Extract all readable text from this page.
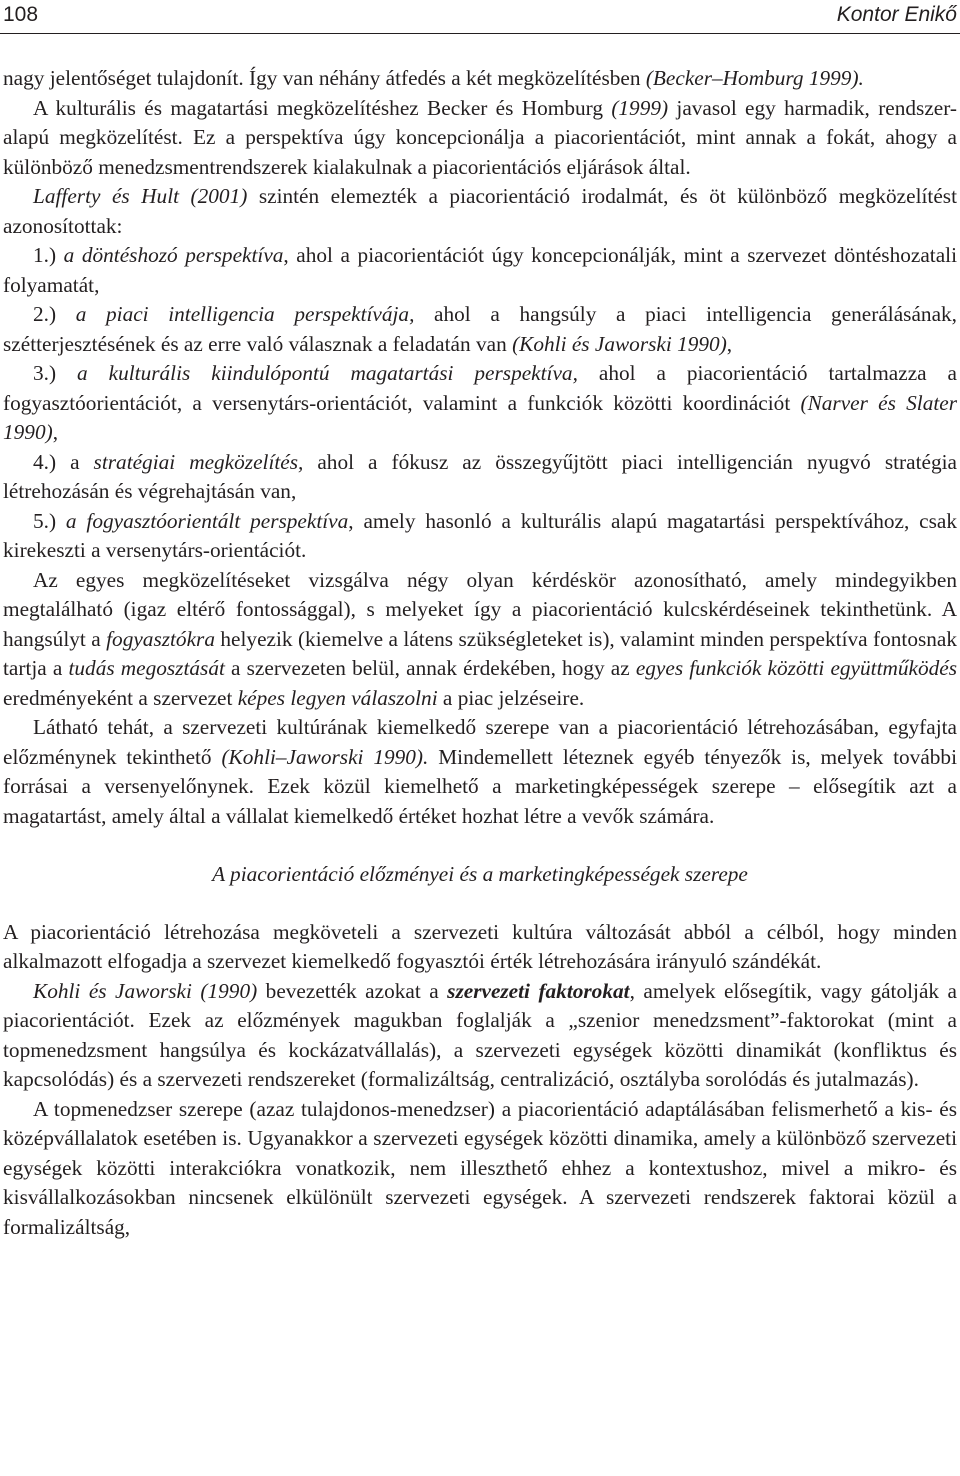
108	Kontor Enikő

nagy jelentőséget tulajdonít. Így van néhány átfedés a két megközelítésben (Becker–Homburg 1999).

A kulturális és magatartási megközelítéshez Becker és Homburg (1999) javasol egy harmadik, rendszer-alapú megközelítést. Ez a perspektíva úgy koncepcionálja a piacorientációt, mint annak a fokát, ahogy a különböző menedzsmentrendszerek kialakulnak a piacorientációs eljárások által.

Lafferty és Hult (2001) szintén elemezték a piacorientáció irodalmát, és öt különböző megközelítést azonosítottak:

1.) a döntéshozó perspektíva, ahol a piacorientációt úgy koncepcionálják, mint a szervezet döntéshozatali folyamatát,

2.) a piaci intelligencia perspektívája, ahol a hangsúly a piaci intelligencia generálásának, szétterjesztésének és az erre való válasznak a feladatán van (Kohli és Jaworski 1990),

3.) a kulturális kiindulópontú magatartási perspektíva, ahol a piacorientáció tartalmazza a fogyasztóorientációt, a versenytárs-orientációt, valamint a funkciók közötti koordinációt (Narver és Slater 1990),

4.) a stratégiai megközelítés, ahol a fókusz az összegyűjtött piaci intelligencián nyugvó stratégia létrehozásán és végrehajtásán van,

5.) a fogyasztóorientált perspektíva, amely hasonló a kulturális alapú magatartási perspektívához, csak kirekeszti a versenytárs-orientációt.

Az egyes megközelítéseket vizsgálva négy olyan kérdéskör azonosítható, amely mindegyikben megtalálható (igaz eltérő fontossággal), s melyeket így a piacorientáció kulcskérdéseinek tekinthetünk. A hangsúlyt a fogyasztókra helyezik (kiemelve a látens szükségleteket is), valamint minden perspektíva fontosnak tartja a tudás megosztását a szervezeten belül, annak érdekében, hogy az egyes funkciók közötti együttműködés eredményeként a szervezet képes legyen válaszolni a piac jelzéseire.

Látható tehát, a szervezeti kultúrának kiemelkedő szerepe van a piacorientáció létrehozásában, egyfajta előzménynek tekinthető (Kohli–Jaworski 1990). Mindemellett léteznek egyéb tényezők is, melyek további forrásai a versenyelőnynek. Ezek közül kiemelhető a marketingképességek szerepe – elősegítik azt a magatartást, amely által a vállalat kiemelkedő értéket hozhat létre a vevők számára.

A piacorientáció előzményei és a marketingképességek szerepe

A piacorientáció létrehozása megköveteli a szervezeti kultúra változását abból a célból, hogy minden alkalmazott elfogadja a szervezet kiemelkedő fogyasztói érték létrehozására irányuló szándékát.

Kohli és Jaworski (1990) bevezették azokat a szervezeti faktorokat, amelyek elősegítik, vagy gátolják a piacorientációt. Ezek az előzmények magukban foglalják a „szenior menedzsment”-faktorokat (mint a topmenedzsment hangsúlya és kockázatvállalás), a szervezeti egységek közötti dinamikát (konfliktus és kapcsolódás) és a szervezeti rendszereket (formalizáltság, centralizáció, osztályba sorolódás és jutalmazás).

A topmenedzser szerepe (azaz tulajdonos-menedzser) a piacorientáció adaptálásában felismerhető a kis- és középvállalatok esetében is. Ugyanakkor a szervezeti egységek közötti dinamika, amely a különböző szervezeti egységek közötti interakciókra vonatkozik, nem illeszthető ehhez a kontextushoz, mivel a mikro- és kisvállalkozásokban nincsenek elkülönült szervezeti egységek. A szervezeti rendszerek faktorai közül a formalizáltság,
